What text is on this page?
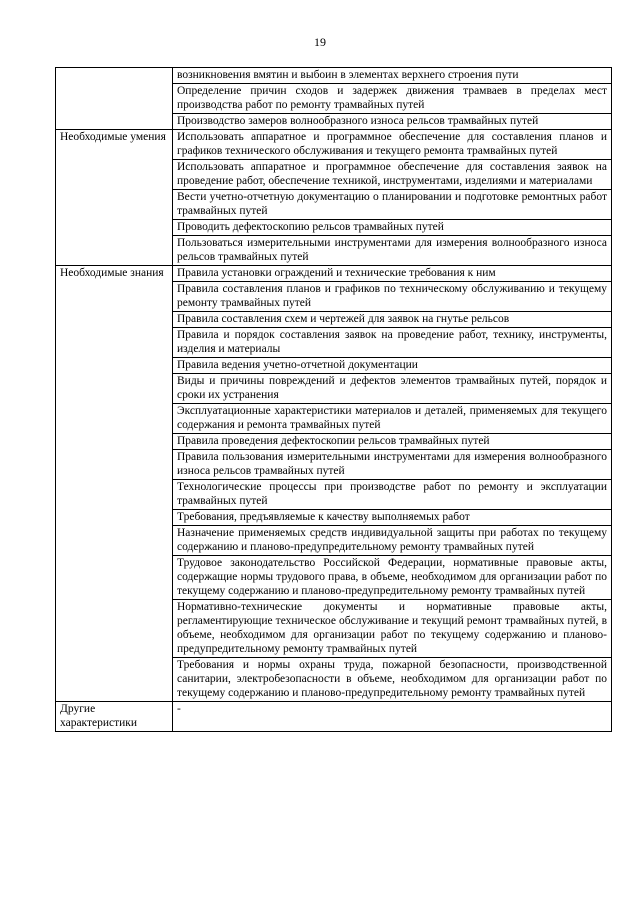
19
	возникновения вмятин и выбоин в элементах верхнего строения пути
	Определение причин сходов и задержек движения трамваев в пределах мест производства работ по ремонту трамвайных путей
	Производство замеров волнообразного износа рельсов трамвайных путей
Необходимые умения	Использовать аппаратное и программное обеспечение для составления планов и графиков технического обслуживания и текущего ремонта трамвайных путей
	Использовать аппаратное и программное обеспечение для составления заявок на проведение работ, обеспечение техникой, инструментами, изделиями и материалами
	Вести учетно-отчетную документацию о планировании и подготовке ремонтных работ трамвайных путей
	Проводить дефектоскопию рельсов трамвайных путей
	Пользоваться измерительными инструментами для измерения волнообразного износа рельсов трамвайных путей
Необходимые знания	Правила установки ограждений и технические требования к ним
	Правила составления планов и графиков по техническому обслуживанию и текущему ремонту трамвайных путей
	Правила составления схем и чертежей для заявок на гнутье рельсов
	Правила и порядок составления заявок на проведение работ, технику, инструменты, изделия и материалы
	Правила ведения учетно-отчетной документации
	Виды и причины повреждений и дефектов элементов трамвайных путей, порядок и сроки их устранения
	Эксплуатационные характеристики материалов и деталей, применяемых для текущего содержания и ремонта трамвайных путей
	Правила проведения дефектоскопии рельсов трамвайных путей
	Правила пользования измерительными инструментами для измерения волнообразного износа рельсов трамвайных путей
	Технологические процессы при производстве работ по ремонту и эксплуатации трамвайных путей
	Требования, предъявляемые к качеству выполняемых работ
	Назначение применяемых средств индивидуальной защиты при работах по текущему содержанию и планово-предупредительному ремонту трамвайных путей
	Трудовое законодательство Российской Федерации, нормативные правовые акты, содержащие нормы трудового права, в объеме, необходимом для организации работ по текущему содержанию и планово-предупредительному ремонту трамвайных путей
	Нормативно-технические документы и нормативные правовые акты, регламентирующие техническое обслуживание и текущий ремонт трамвайных путей, в объеме, необходимом для организации работ по текущему содержанию и планово-предупредительному ремонту трамвайных путей
	Требования и нормы охраны труда, пожарной безопасности, производственной санитарии, электробезопасности в объеме, необходимом для организации работ по текущему содержанию и планово-предупредительному ремонту трамвайных путей
Другие характеристики	-
